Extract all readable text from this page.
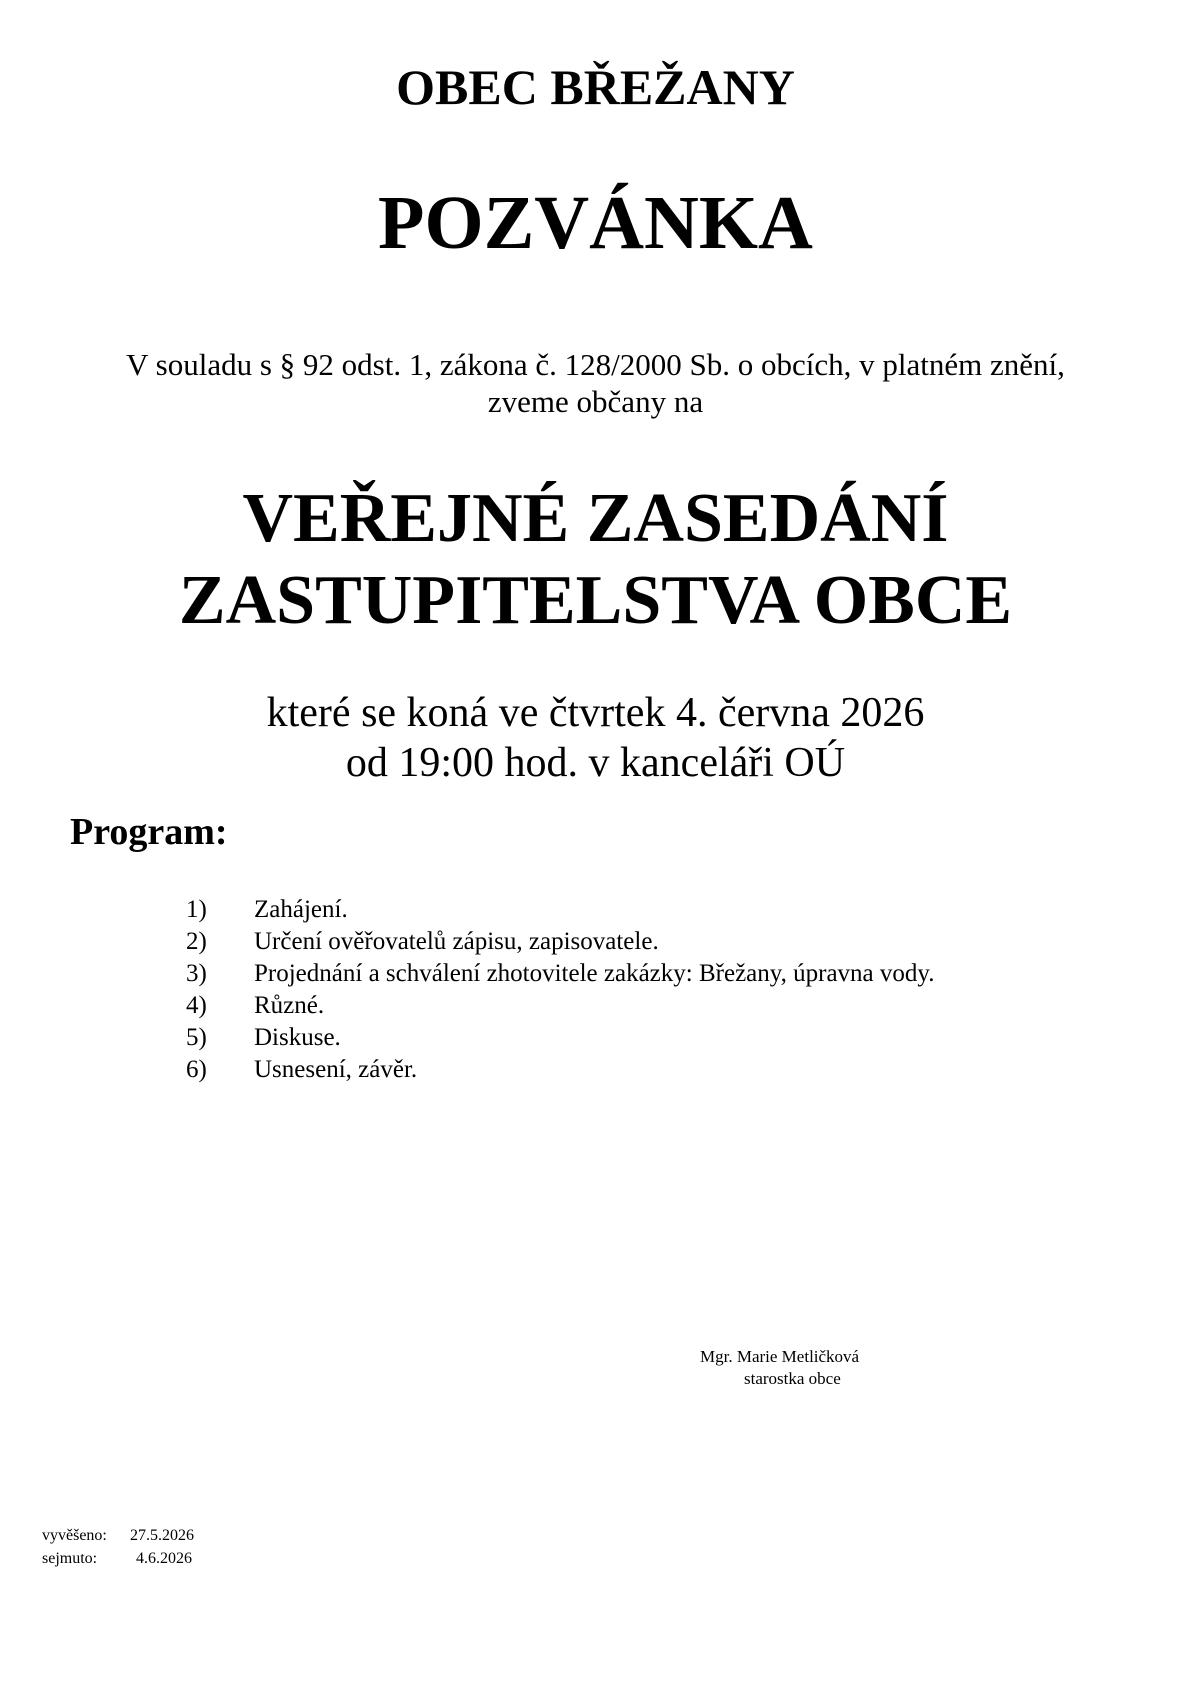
OBEC BŘEŽANY
POZVÁNKA
V souladu s § 92 odst. 1, zákona č. 128/2000 Sb. o obcích, v platném znění,
zveme občany na
VEŘEJNÉ ZASEDÁNÍ
ZASTUPITELSTVA OBCE
které se koná ve čtvrtek 4. června 2026
od 19:00 hod. v kanceláři OÚ
Program:
1)	Zahájení.
2)	Určení ověřovatelů zápisu, zapisovatele.
3)	Projednání a schválení zhotovitele zakázky: Břežany, úpravna vody.
4)	Různé.
5)	Diskuse.
6)	Usnesení, závěr.
Mgr. Marie Metličková
starostka obce
vyvěšeno:	27.5.2026
sejmuto:	4.6.2026
